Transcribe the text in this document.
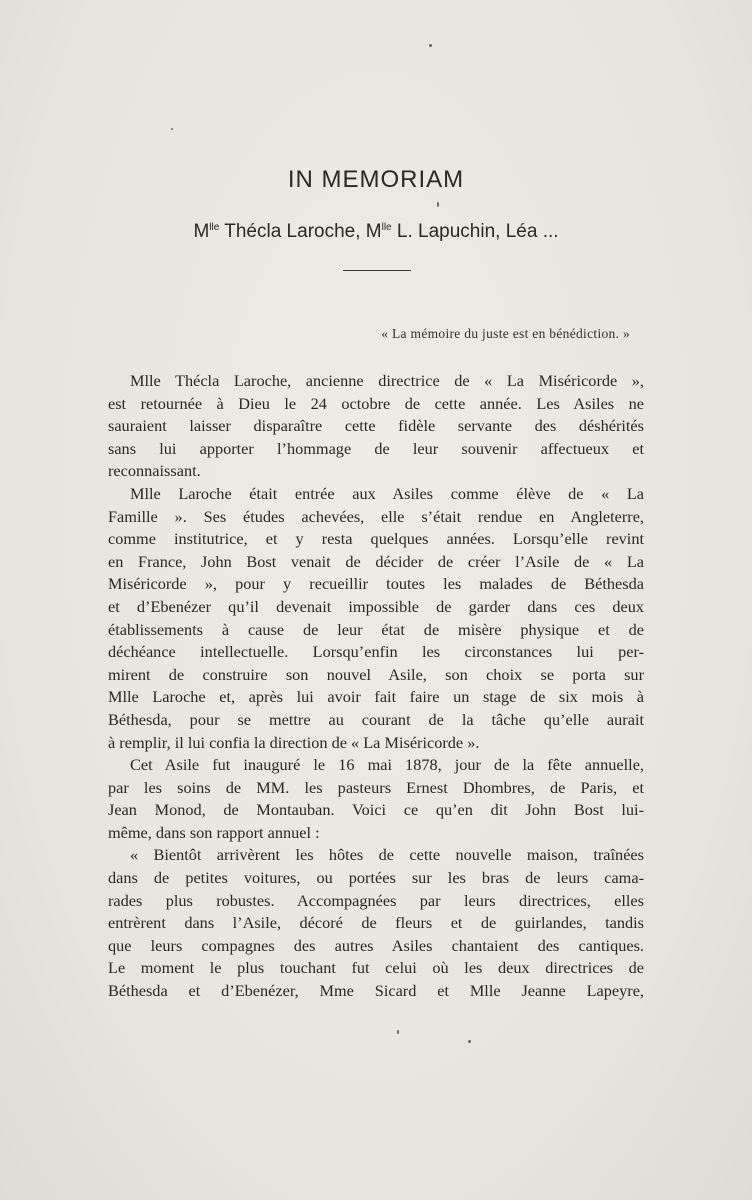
IN MEMORIAM
$M^{lle}$ Thécla Laroche, $M^{lle}$ L. Lapuchin, Léa ...
« La mémoire du juste est en bénédiction. »
Mlle Thécla Laroche, ancienne directrice de « La Miséricorde »,
est retournée à Dieu le 24 octobre de cette année. Les Asiles ne
sauraient laisser disparaître cette fidèle servante des déshérités
sans lui apporter l’hommage de leur souvenir affectueux et
reconnaissant.
Mlle Laroche était entrée aux Asiles comme élève de « La
Famille ». Ses études achevées, elle s’était rendue en Angleterre,
comme institutrice, et y resta quelques années. Lorsqu’elle revint
en France, John Bost venait de décider de créer l’Asile de « La
Miséricorde », pour y recueillir toutes les malades de Béthesda
et d’Ebenézer qu’il devenait impossible de garder dans ces deux
établissements à cause de leur état de misère physique et de
déchéance intellectuelle. Lorsqu’enfin les circonstances lui per-
mirent de construire son nouvel Asile, son choix se porta sur
Mlle Laroche et, après lui avoir fait faire un stage de six mois à
Béthesda, pour se mettre au courant de la tâche qu’elle aurait
à remplir, il lui confia la direction de « La Miséricorde ».
Cet Asile fut inauguré le 16 mai 1878, jour de la fête annuelle,
par les soins de MM. les pasteurs Ernest Dhombres, de Paris, et
Jean Monod, de Montauban. Voici ce qu’en dit John Bost lui-
même, dans son rapport annuel :
« Bientôt arrivèrent les hôtes de cette nouvelle maison, traînées
dans de petites voitures, ou portées sur les bras de leurs cama-
rades plus robustes. Accompagnées par leurs directrices, elles
entrèrent dans l’Asile, décoré de fleurs et de guirlandes, tandis
que leurs compagnes des autres Asiles chantaient des cantiques.
Le moment le plus touchant fut celui où les deux directrices de
Béthesda et d’Ebenézer, Mme Sicard et Mlle Jeanne Lapeyre,
